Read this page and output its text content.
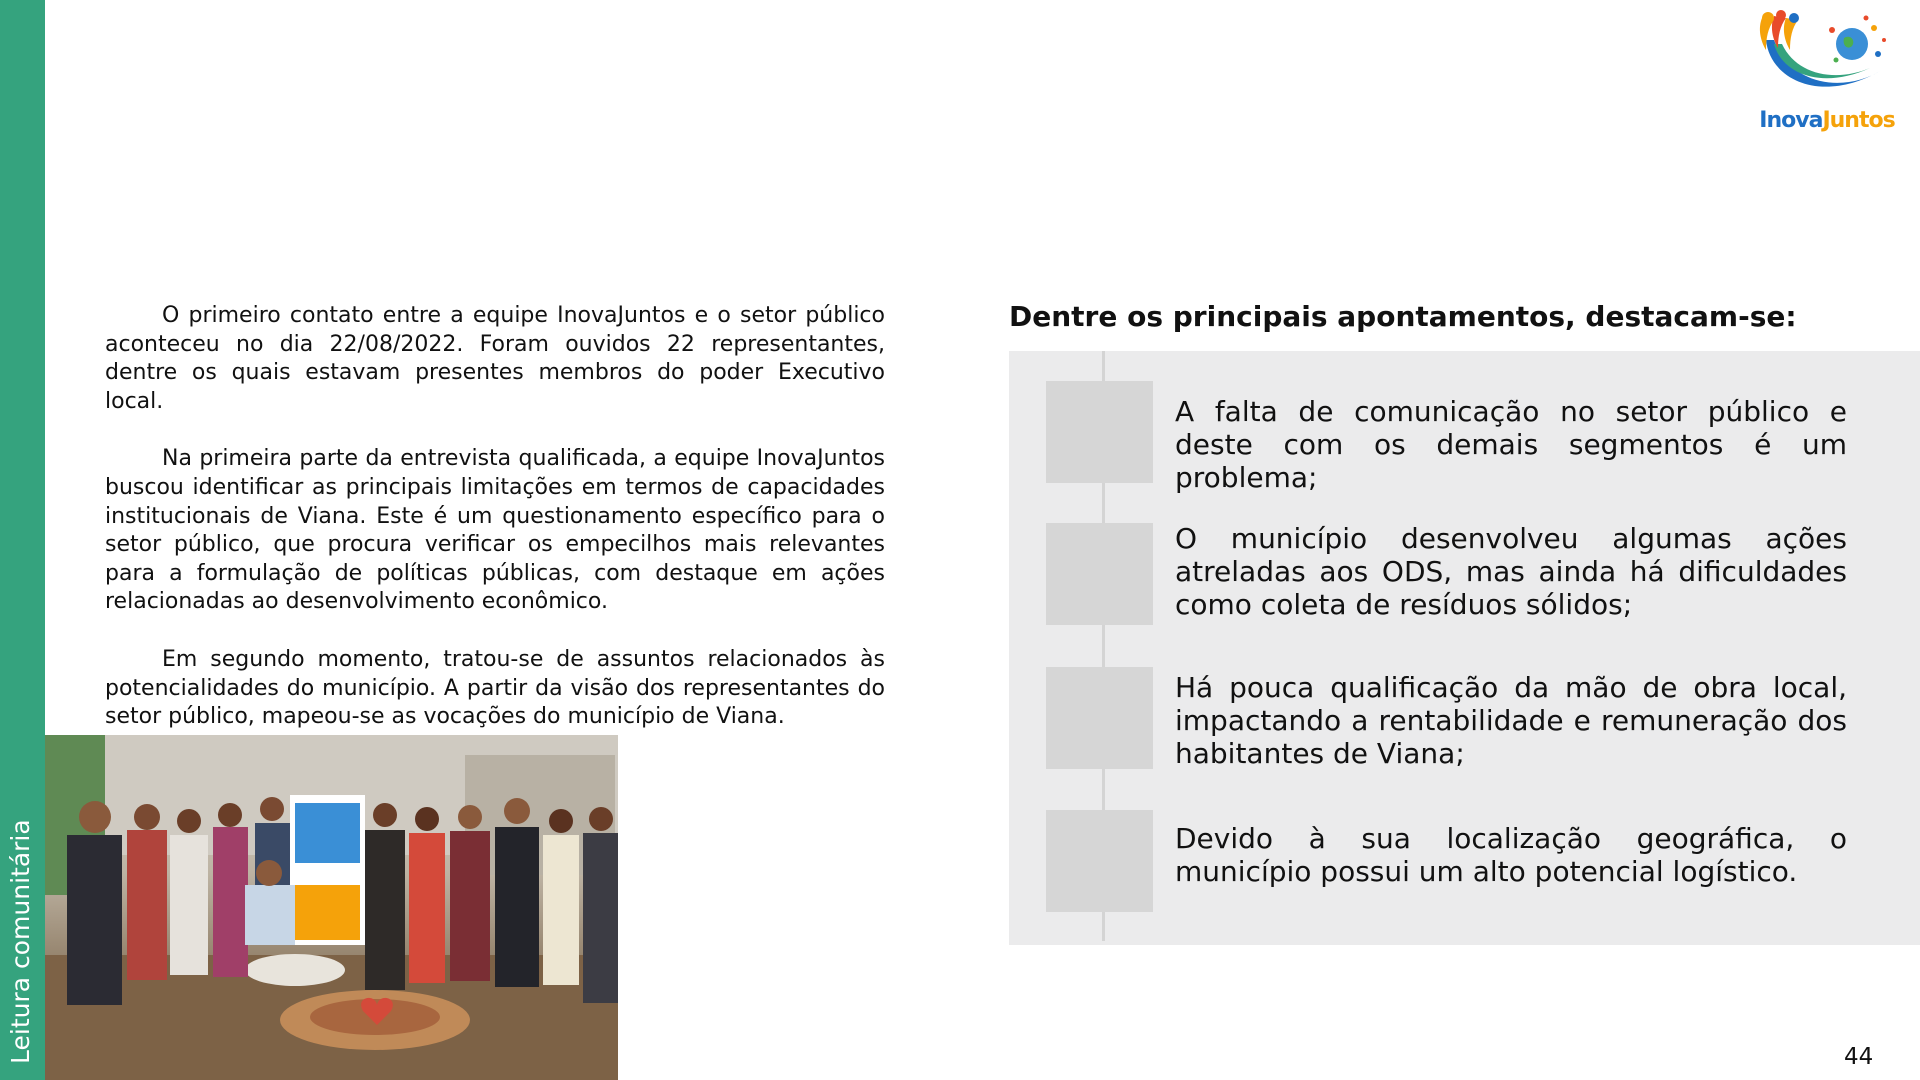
Leitura comunitária
InovaJuntos

O primeiro contato entre a equipe InovaJuntos e o setor público aconteceu no dia 22/08/2022. Foram ouvidos 22 representantes, dentre os quais estavam presentes membros do poder Executivo local.

Na primeira parte da entrevista qualificada, a equipe InovaJuntos buscou identificar as principais limitações em termos de capacidades institucionais de Viana. Este é um questionamento específico para o setor público, que procura verificar os empecilhos mais relevantes para a formulação de políticas públicas, com destaque em ações relacionadas ao desenvolvimento econômico.

Em segundo momento, tratou-se de assuntos relacionados às potencialidades do município. A partir da visão dos representantes do setor público, mapeou-se as vocações do município de Viana.

Dentre os principais apontamentos, destacam-se:
A falta de comunicação no setor público e deste com os demais segmentos é um problema;
O município desenvolveu algumas ações atreladas aos ODS, mas ainda há dificuldades como coleta de resíduos sólidos;
Há pouca qualificação da mão de obra local, impactando a rentabilidade e remuneração dos habitantes de Viana;
Devido à sua localização geográfica, o município possui um alto potencial logístico.
44
